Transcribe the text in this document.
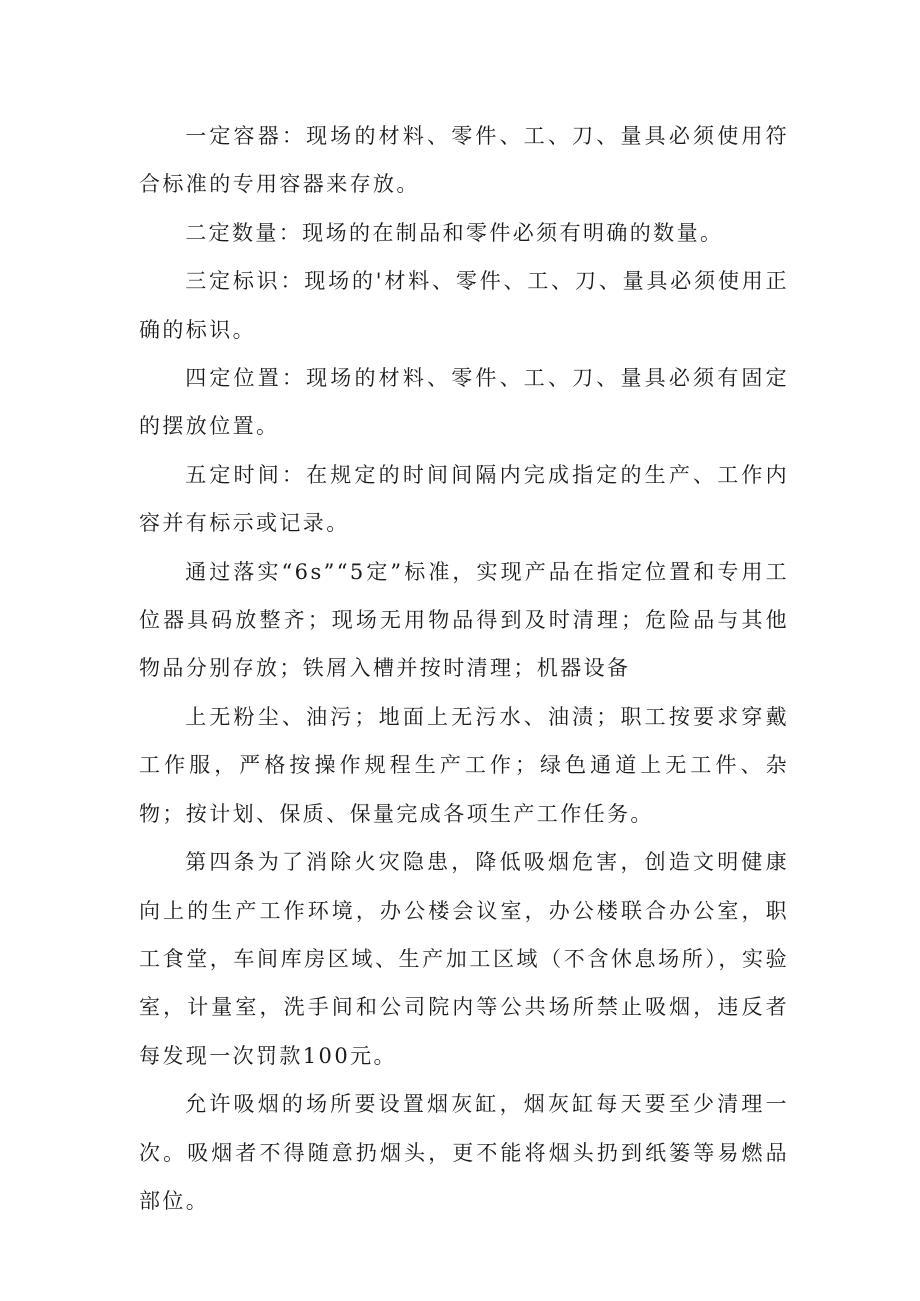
一定容器：现场的材料、零件、工、刀、量具必须使用符合标准的专用容器来存放。

二定数量：现场的在制品和零件必须有明确的数量。

三定标识：现场的'材料、零件、工、刀、量具必须使用正确的标识。

四定位置：现场的材料、零件、工、刀、量具必须有固定的摆放位置。

五定时间：在规定的时间间隔内完成指定的生产、工作内容并有标示或记录。

通过落实“6s”“5定”标准，实现产品在指定位置和专用工位器具码放整齐；现场无用物品得到及时清理；危险品与其他物品分别存放；铁屑入槽并按时清理；机器设备

上无粉尘、油污；地面上无污水、油渍；职工按要求穿戴工作服，严格按操作规程生产工作；绿色通道上无工件、杂物；按计划、保质、保量完成各项生产工作任务。

第四条为了消除火灾隐患，降低吸烟危害，创造文明健康向上的生产工作环境，办公楼会议室，办公楼联合办公室，职工食堂，车间库房区域、生产加工区域（不含休息场所），实验室，计量室，洗手间和公司院内等公共场所禁止吸烟，违反者每发现一次罚款100元。

允许吸烟的场所要设置烟灰缸，烟灰缸每天要至少清理一次。吸烟者不得随意扔烟头，更不能将烟头扔到纸篓等易燃品部位。
